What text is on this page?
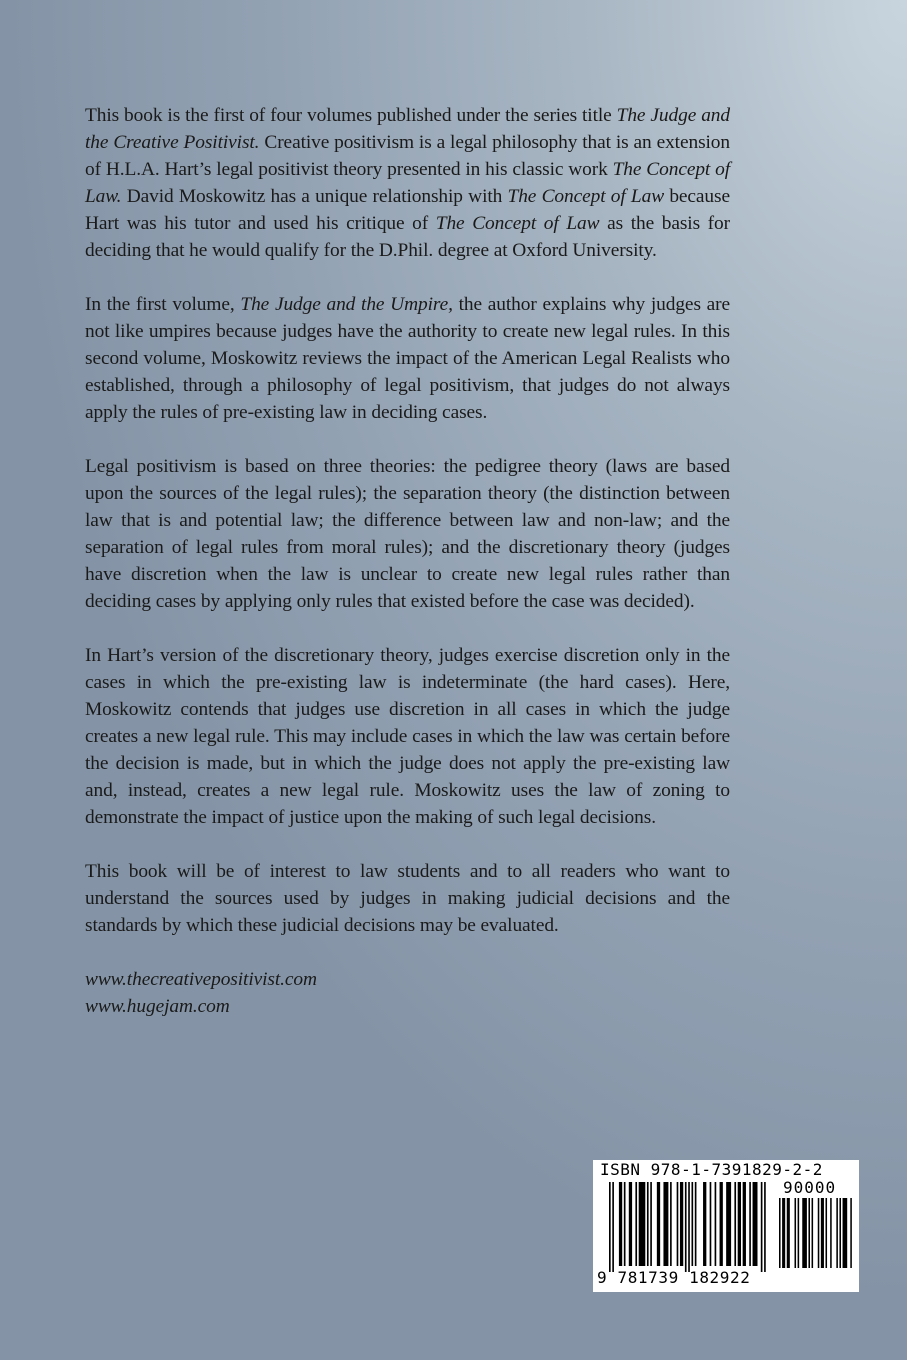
This book is the first of four volumes published under the series title The Judge and the Creative Positivist. Creative positivism is a legal philosophy that is an extension of H.L.A. Hart’s legal positivist theory presented in his classic work The Concept of Law. David Moskowitz has a unique relationship with The Concept of Law because Hart was his tutor and used his critique of The Concept of Law as the basis for deciding that he would qualify for the D.Phil. degree at Oxford University.

In the first volume, The Judge and the Umpire, the author explains why judges are not like umpires because judges have the authority to create new legal rules. In this second volume, Moskowitz reviews the impact of the American Legal Realists who established, through a philosophy of legal positivism, that judges do not always apply the rules of pre-existing law in deciding cases.

Legal positivism is based on three theories: the pedigree theory (laws are based upon the sources of the legal rules); the separation theory (the distinction between law that is and potential law; the difference between law and non-law; and the separation of legal rules from moral rules); and the discretionary theory (judges have discretion when the law is unclear to create new legal rules rather than deciding cases by applying only rules that existed before the case was decided).

In Hart’s version of the discretionary theory, judges exercise discretion only in the cases in which the pre-existing law is indeterminate (the hard cases). Here, Moskowitz contends that judges use discretion in all cases in which the judge creates a new legal rule. This may include cases in which the law was certain before the decision is made, but in which the judge does not apply the pre-existing law and, instead, creates a new legal rule. Moskowitz uses the law of zoning to demonstrate the impact of justice upon the making of such legal decisions.

This book will be of interest to law students and to all readers who want to understand the sources used by judges in making judicial decisions and the standards by which these judicial decisions may be evaluated.

www.thecreativepositivist.com
www.hugejam.com
ISBN 978-1-7391829-2-2
90000
9 781739 182922
